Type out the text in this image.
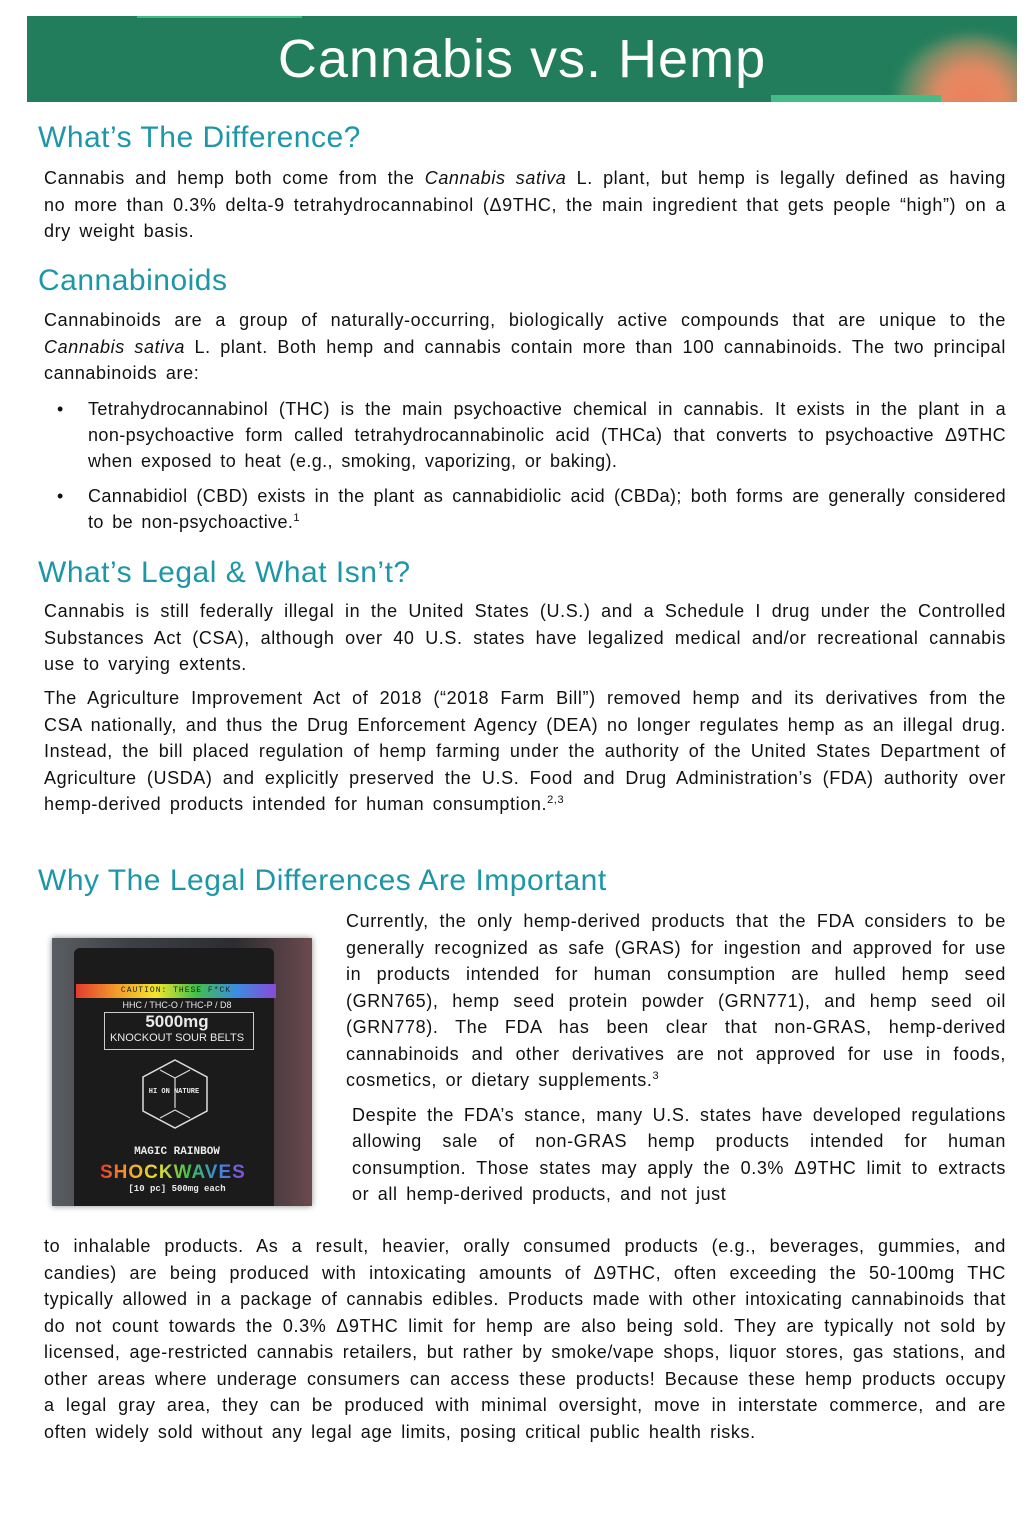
Cannabis vs. Hemp
What’s The Difference?

Cannabis and hemp both come from the Cannabis sativa L. plant, but hemp is legally defined as having no more than 0.3% delta-9 tetrahydrocannabinol (Δ9THC, the main ingredient that gets people “high”) on a dry weight basis.

Cannabinoids

Cannabinoids are a group of naturally-occurring, biologically active compounds that are unique to the Cannabis sativa L. plant. Both hemp and cannabis contain more than 100 cannabinoids. The two principal cannabinoids are:

• Tetrahydrocannabinol (THC) is the main psychoactive chemical in cannabis. It exists in the plant in a non-psychoactive form called tetrahydrocannabinolic acid (THCa) that converts to psychoactive Δ9THC when exposed to heat (e.g., smoking, vaporizing, or baking).
• Cannabidiol (CBD) exists in the plant as cannabidiolic acid (CBDa); both forms are generally considered to be non-psychoactive.$^1$
What’s Legal & What Isn’t?

Cannabis is still federally illegal in the United States (U.S.) and a Schedule I drug under the Controlled Substances Act (CSA), although over 40 U.S. states have legalized medical and/or recreational cannabis use to varying extents.

The Agriculture Improvement Act of 2018 (“2018 Farm Bill”) removed hemp and its derivatives from the CSA nationally, and thus the Drug Enforcement Agency (DEA) no longer regulates hemp as an illegal drug. Instead, the bill placed regulation of hemp farming under the authority of the United States Department of Agriculture (USDA) and explicitly preserved the U.S. Food and Drug Administration’s (FDA) authority over hemp-derived products intended for human consumption.$^{2,3}$

Why The Legal Differences Are Important
CAUTION: THESE F*CK
HHC / THC-O / THC-P / D8
5000mg
KNOCKOUT SOUR BELTS
HI ON NATURE
MAGIC RAINBOW
SHOCKWAVES
[10 pc] 500mg each

Currently, the only hemp-derived products that the FDA considers to be generally recognized as safe (GRAS) for ingestion and approved for use in products intended for human consumption are hulled hemp seed (GRN765), hemp seed protein powder (GRN771), and hemp seed oil (GRN778). The FDA has been clear that non-GRAS, hemp-derived cannabinoids and other derivatives are not approved for use in foods, cosmetics, or dietary supplements.$^3$

Despite the FDA’s stance, many U.S. states have developed regulations allowing sale of non-GRAS hemp products intended for human consumption. Those states may apply the 0.3% Δ9THC limit to extracts or all hemp-derived products, and not just

to inhalable products. As a result, heavier, orally consumed products (e.g., beverages, gummies, and candies) are being produced with intoxicating amounts of Δ9THC, often exceeding the 50-100mg THC typically allowed in a package of cannabis edibles. Products made with other intoxicating cannabinoids that do not count towards the 0.3% Δ9THC limit for hemp are also being sold. They are typically not sold by licensed, age-restricted cannabis retailers, but rather by smoke/vape shops, liquor stores, gas stations, and other areas where underage consumers can access these products! Because these hemp products occupy a legal gray area, they can be produced with minimal oversight, move in interstate commerce, and are often widely sold without any legal age limits, posing critical public health risks.
